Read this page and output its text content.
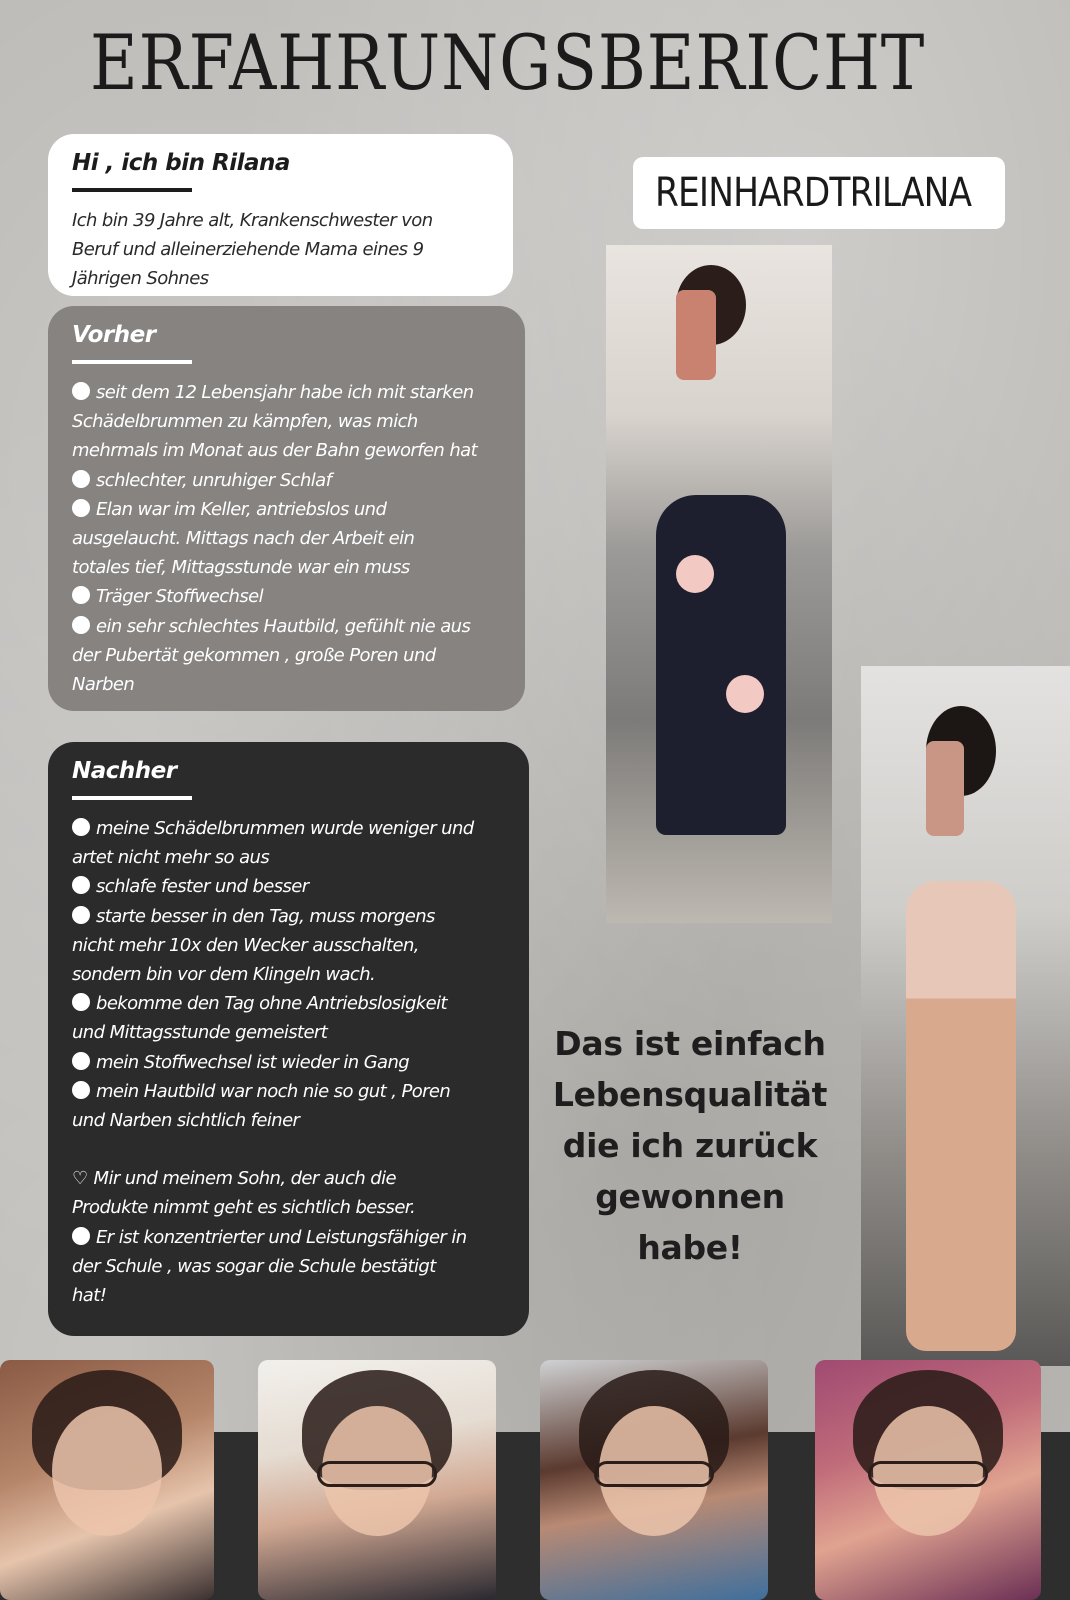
ERFAHRUNGSBERICHT
Hi , ich bin Rilana
Ich bin 39 Jahre alt, Krankenschwester von
Beruf und alleinerziehende Mama eines 9
Jährigen Sohnes
Vorher
seit dem 12 Lebensjahr habe ich mit starken
Schädelbrummen zu kämpfen, was mich
mehrmals im Monat aus der Bahn geworfen hat
schlechter, unruhiger Schlaf
Elan war im Keller, antriebslos und
ausgelaucht. Mittags nach der Arbeit ein
totales tief, Mittagsstunde war ein muss
Träger Stoffwechsel
ein sehr schlechtes Hautbild, gefühlt nie aus
der Pubertät gekommen , große Poren und
Narben
Nachher
meine Schädelbrummen wurde weniger und
artet nicht mehr so aus
schlafe fester und besser
starte besser in den Tag, muss morgens
nicht mehr 10x den Wecker ausschalten,
sondern bin vor dem Klingeln wach.
bekomme den Tag ohne Antriebslosigkeit
und Mittagsstunde gemeistert
mein Stoffwechsel ist wieder in Gang
mein Hautbild war noch nie so gut , Poren
und Narben sichtlich feiner
♡ Mir und meinem Sohn, der auch die
Produkte nimmt geht es sichtlich besser.
Er ist konzentrierter und Leistungsfähiger in
der Schule , was sogar die Schule bestätigt
hat!
REINHARDTRILANA
Das ist einfach
Lebensqualität
die ich zurück
gewonnen
habe!
